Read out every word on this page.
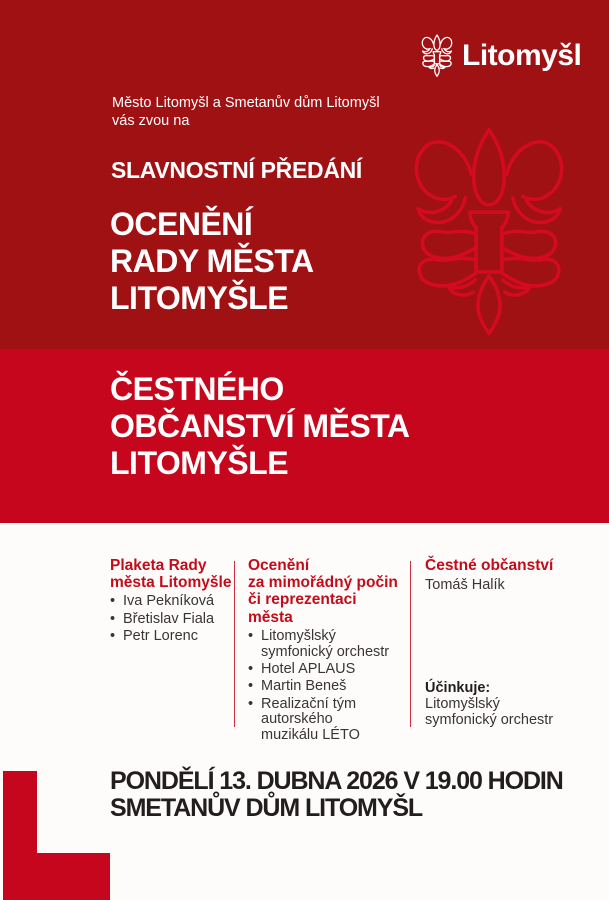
Litomyšl
Město Litomyšl a Smetanův dům Litomyšl
vás zvou na
SLAVNOSTNÍ PŘEDÁNÍ
OCENĚNÍ
RADY MĚSTA
LITOMYŠLE
ČESTNÉHO
OBČANSTVÍ MĚSTA
LITOMYŠLE
Plaketa Rady
města Litomyšle
• Iva Pekníková
• Břetislav Fiala
• Petr Lorenc
Ocenění
za mimořádný počin
či reprezentaci města
• Litomyšlský
symfonický orchestr
• Hotel APLAUS
• Martin Beneš
• Realizační tým
autorského
muzikálu LÉTO
Čestné občanství
Tomáš Halík
Účinkuje:
Litomyšlský
symfonický orchestr
PONDĚLÍ 13. DUBNA 2026 V 19.00 HODIN
SMETANŮV DŮM LITOMYŠL
